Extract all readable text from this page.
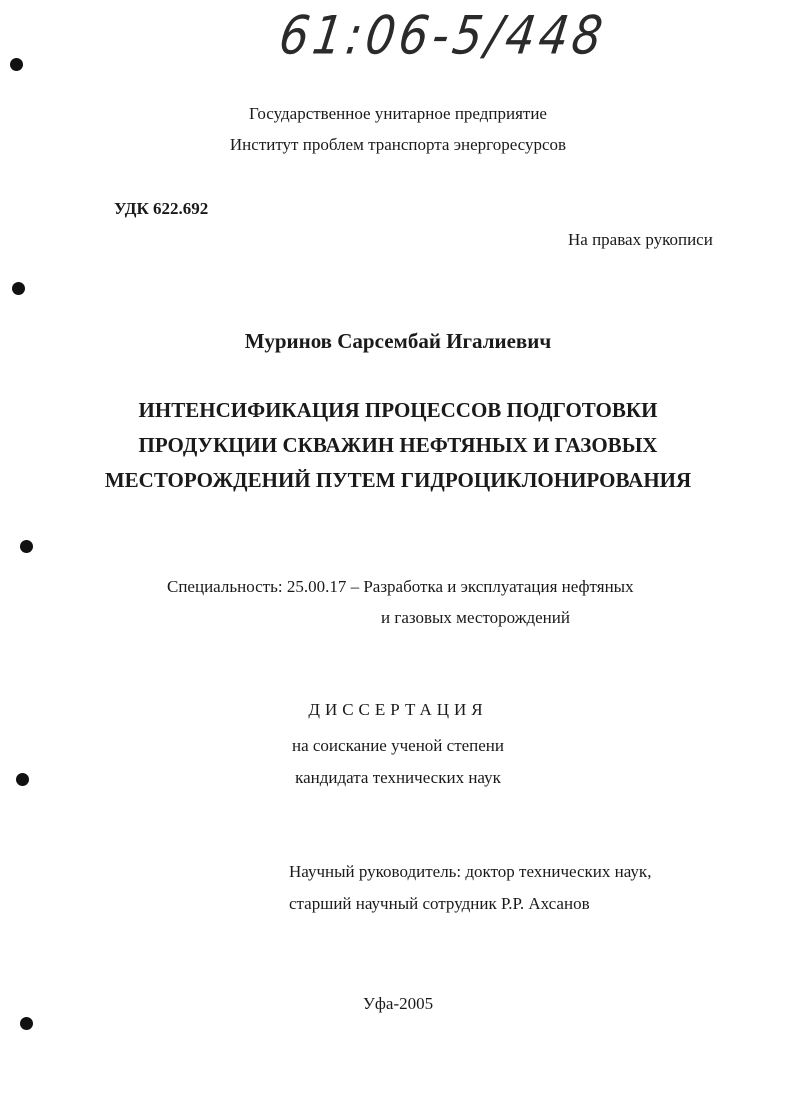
61:06-5/448
Государственное унитарное предприятие
Институт проблем транспорта энергоресурсов
УДК 622.692
На правах рукописи
Муринов Сарсембай Игалиевич
ИНТЕНСИФИКАЦИЯ ПРОЦЕССОВ ПОДГОТОВКИ
ПРОДУКЦИИ СКВАЖИН НЕФТЯНЫХ И ГАЗОВЫХ
МЕСТОРОЖДЕНИЙ ПУТЕМ ГИДРОЦИКЛОНИРОВАНИЯ
Специальность: 25.00.17 – Разработка и эксплуатация нефтяных
и газовых месторождений
ДИССЕРТАЦИЯ
на соискание ученой степени
кандидата технических наук
Научный руководитель: доктор технических наук,
старший научный сотрудник Р.Р. Ахсанов
Уфа-2005
